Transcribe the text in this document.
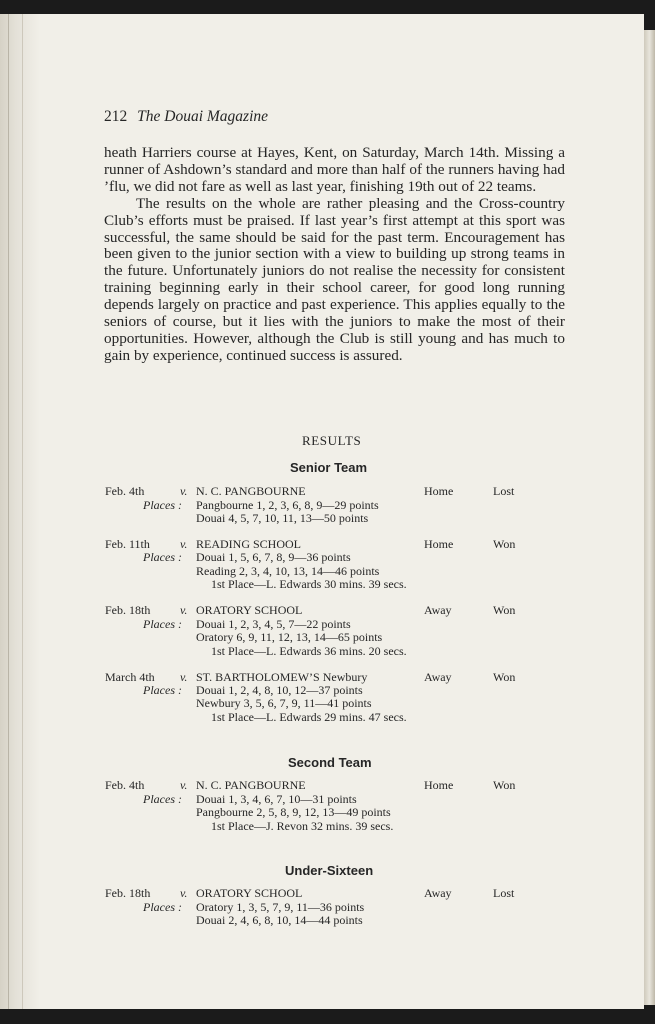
212 The Douai Magazine

heath Harriers course at Hayes, Kent, on Saturday, March 14th. Missing a runner of Ashdown’s standard and more than half of the runners having had ’flu, we did not fare as well as last year, finishing 19th out of 22 teams.

The results on the whole are rather pleasing and the Cross-country Club’s efforts must be praised. If last year’s first attempt at this sport was successful, the same should be said for the past term. Encouragement has been given to the junior section with a view to building up strong teams in the future. Unfortunately juniors do not realise the necessity for consistent training beginning early in their school career, for good long running depends largely on practice and past experience. This applies equally to the seniors of course, but it lies with the juniors to make the most of their opportunities. However, although the Club is still young and has much to gain by experience, continued success is assured.

RESULTS
Senior Team
Feb. 4th	v. N. C. PANGBOURNE	Home	Lost
Places : Pangbourne 1, 2, 3, 6, 8, 9—29 points
Douai 4, 5, 7, 10, 11, 13—50 points
Feb. 11th	v. READING SCHOOL	Home	Won
Places : Douai 1, 5, 6, 7, 8, 9—36 points
Reading 2, 3, 4, 10, 13, 14—46 points
1st Place—L. Edwards 30 mins. 39 secs.
Feb. 18th v. ORATORY SCHOOL	Away	Won
Places : Douai 1, 2, 3, 4, 5, 7—22 points
Oratory 6, 9, 11, 12, 13, 14—65 points
1st Place—L. Edwards 36 mins. 20 secs.
March 4th v. ST. BARTHOLOMEW’S Newbury	Away	Won
Places : Douai 1, 2, 4, 8, 10, 12—37 points
Newbury 3, 5, 6, 7, 9, 11—41 points
1st Place—L. Edwards 29 mins. 47 secs.
Second Team
Feb. 4th	v. N. C. PANGBOURNE	Home	Won
Places : Douai 1, 3, 4, 6, 7, 10—31 points
Pangbourne 2, 5, 8, 9, 12, 13—49 points
1st Place—J. Revon 32 mins. 39 secs.
Under-Sixteen
Feb. 18th v. ORATORY SCHOOL	Away	Lost
Places : Oratory 1, 3, 5, 7, 9, 11—36 points
Douai 2, 4, 6, 8, 10, 14—44 points
